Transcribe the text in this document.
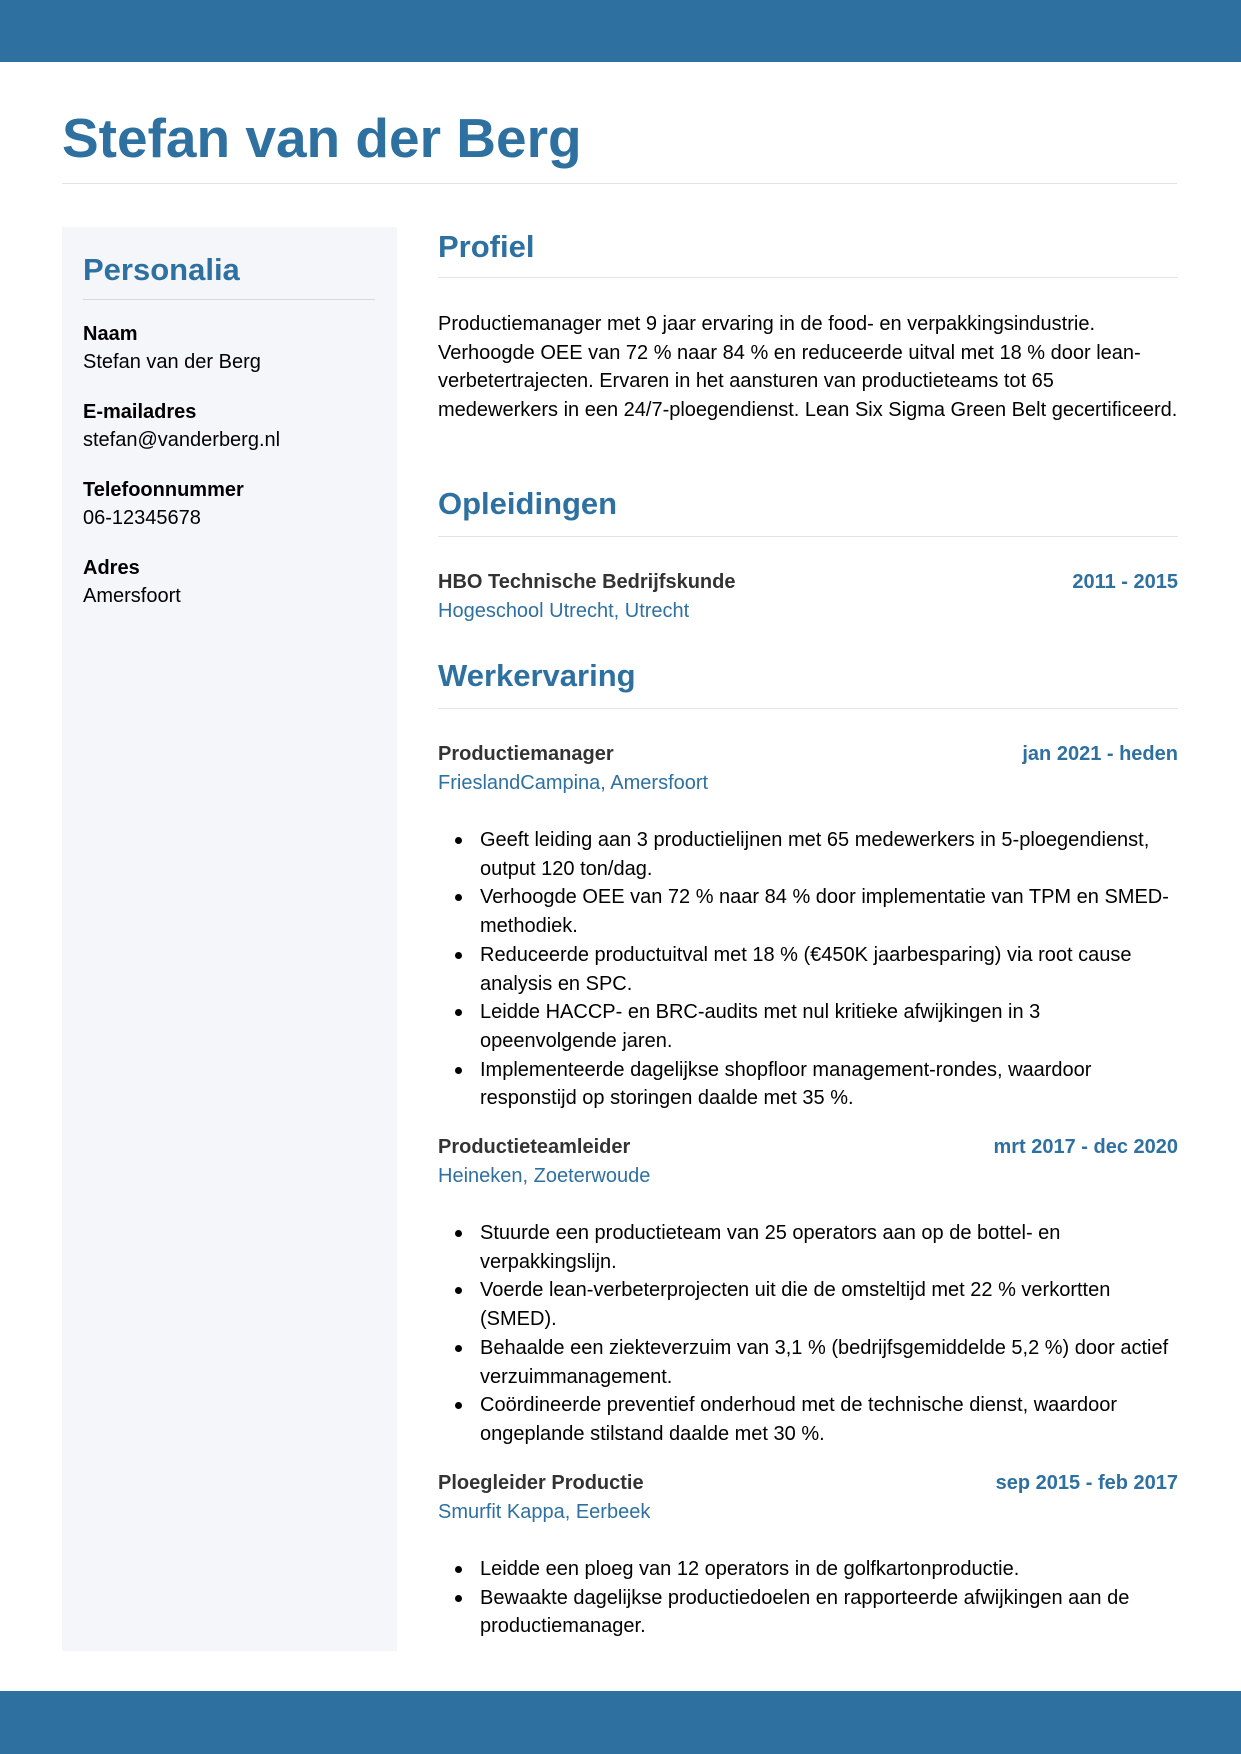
Stefan van der Berg
Personalia
Naam
Stefan van der Berg
E-mailadres
stefan@vanderberg.nl
Telefoonnummer
06-12345678
Adres
Amersfoort
Profiel

Productiemanager met 9 jaar ervaring in de food- en verpakkingsindustrie. Verhoogde OEE van 72 % naar 84 % en reduceerde uitval met 18 % door lean-verbetertrajecten. Ervaren in het aansturen van productieteams tot 65 medewerkers in een 24/7-ploegendienst. Lean Six Sigma Green Belt gecertificeerd.

Opleidingen
HBO Technische Bedrijfskunde	2011 - 2015
Hogeschool Utrecht, Utrecht
Werkervaring
Productiemanager	jan 2021 - heden
FrieslandCampina, Amersfoort
Geeft leiding aan 3 productielijnen met 65 medewerkers in 5-ploegendienst, output 120 ton/dag.
Verhoogde OEE van 72 % naar 84 % door implementatie van TPM en SMED-methodiek.
Reduceerde productuitval met 18 % (€450K jaarbesparing) via root cause analysis en SPC.
Leidde HACCP- en BRC-audits met nul kritieke afwijkingen in 3 opeenvolgende jaren.
Implementeerde dagelijkse shopfloor management-rondes, waardoor responstijd op storingen daalde met 35 %.
Productieteamleider	mrt 2017 - dec 2020
Heineken, Zoeterwoude
Stuurde een productieteam van 25 operators aan op de bottel- en verpakkingslijn.
Voerde lean-verbeterprojecten uit die de omsteltijd met 22 % verkortten (SMED).
Behaalde een ziekteverzuim van 3,1 % (bedrijfsgemiddelde 5,2 %) door actief verzuimmanagement.
Coördineerde preventief onderhoud met de technische dienst, waardoor ongeplande stilstand daalde met 30 %.
Ploegleider Productie	sep 2015 - feb 2017
Smurfit Kappa, Eerbeek
Leidde een ploeg van 12 operators in de golfkartonproductie.
Bewaakte dagelijkse productiedoelen en rapporteerde afwijkingen aan de productiemanager.
